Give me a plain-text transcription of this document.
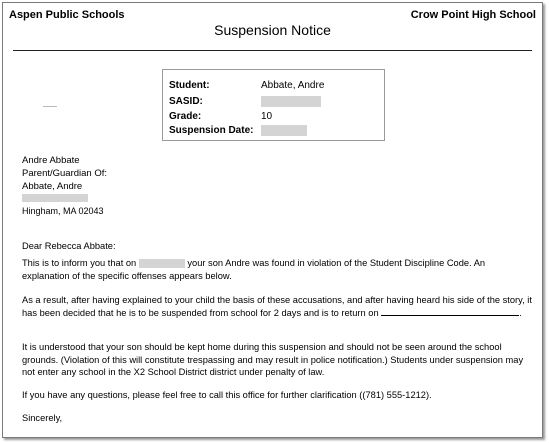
Aspen Public Schools	Crow Point High School
Suspension Notice
Student:	Abbate, Andre
SASID:
Grade:	10
Suspension Date:
Andre Abbate
Parent/Guardian Of:
Abbate, Andre
Hingham, MA 02043
Dear Rebecca Abbate:
This is to inform you that on	your son Andre was found in violation of the Student Discipline Code. An explanation of the specific offenses appears below.
As a result, after having explained to your child the basis of these accusations, and after having heard his side of the story, it has been decided that he is to be suspended from school for 2 days and is to return on	.
It is understood that your son should be kept home during this suspension and should not be seen around the school grounds. (Violation of this will constitute trespassing and may result in police notification.) Students under suspension may not enter any school in the X2 School District district under penalty of law.
If you have any questions, please feel free to call this office for further clarification ((781) 555-1212).
Sincerely,
